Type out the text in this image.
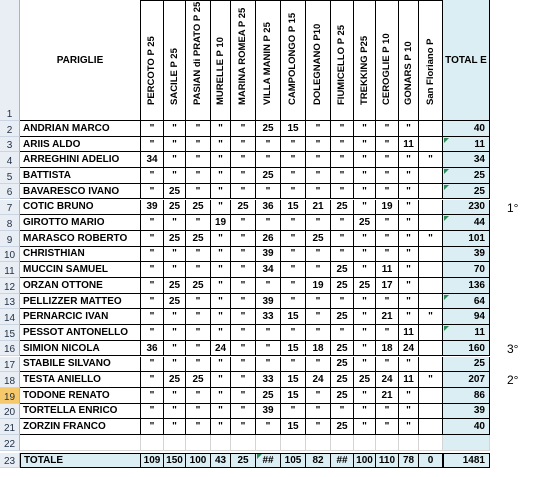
1
PARIGLIE	PERCOTO P 25 SACILE P 25 PASIAN di PRATO P 25 MURELLE P 10 MARINA ROMEA P 25 VILLA MANIN P 25 CAMPOLONGO P 15 DOLEGNANO P10 FIUMICELLO P 25 TREKKING P25 CEROGLIE P 10 GONARS P 10 San Floriano P TOTAL E
2	ANDRIAN MARCO	"	"	"	"	"	25	15	"	"	"	"	"	40
3	ARIIS ALDO	"	"	"	"	"	"	"	"	"	"	"	11	11
4	ARREGHINI ADELIO	34	"	"	"	"	"	"	"	"	"	"	"	"	34
5	BATTISTA	"	"	"	"	"	25	"	"	"	"	"	"	25
6	BAVARESCO IVANO	"	25	"	"	"	"	"	"	"	"	"	"	25
7	COTIC BRUNO	39	25	25	"	25	36	15	21	25	"	19	"	230	1°
8	GIROTTO MARIO	"	"	"	19	"	"	"	"	"	25	"	"	44
9	MARASCO ROBERTO	"	25	25	"	"	26	"	25	"	"	"	"	"	101
10 CHRISTHIAN	"	"	"	"	"	39	"	"	"	"	"	"	39
11 MUCCIN SAMUEL	"	"	"	"	"	34	"	"	25	"	11	"	70
12 ORZAN OTTONE	"	25	25	"	"	"	"	19	25	25	17	"	136
13 PELLIZZER MATTEO	"	25	"	"	"	39	"	"	"	"	"	"	64
14 PERNARCIC IVAN	"	"	"	"	"	33	15	"	25	"	21	"	"	94
15 PESSOT ANTONELLO	"	"	"	"	"	"	"	"	"	"	"	11	11
16 SIMION NICOLA	36	"	"	24	"	"	15	18	25	"	18	24	160	3°
17 STABILE SILVANO	"	"	"	"	"	"	"	"	25	"	"	"	25
18 TESTA ANIELLO	"	25	25	"	"	33	15	24	25	25	24	11	"	207	2°
19 TODONE RENATO	"	"	"	"	"	25	15	"	25	"	21	"	86
20 TORTELLA ENRICO	"	"	"	"	"	39	"	"	"	"	"	"	39
21 ZORZIN FRANCO	"	"	"	"	"	"	15	"	25	"	"	"	40
22
23 TOTALE	109 150 100 43	25	##	105	82	## 100 110 78	0	1481
